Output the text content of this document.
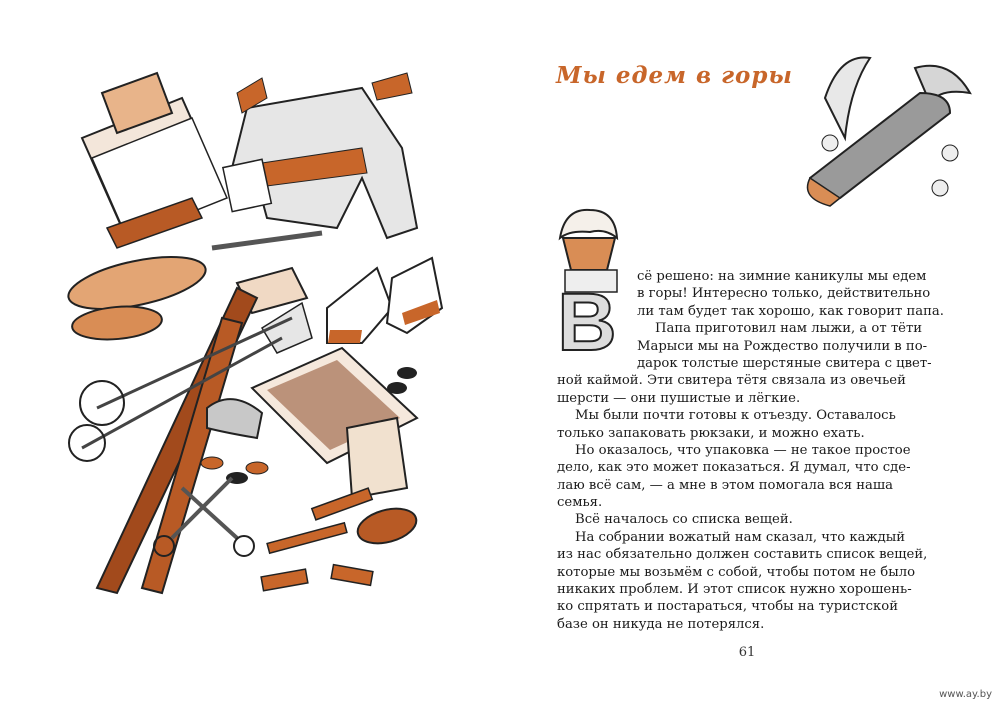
Мы едем в горы
В
сё решено: на зимние каникулы мы едем
в горы! Интересно только, действительно
ли там будет так хорошо, как говорит папа.
Папа приготовил нам лыжи, а от тёти
Марыси мы на Рождество получили в по-
дарок толстые шерстяные свитера с цвет-
ной каймой. Эти свитера тётя связала из овечьей
шерсти — они пушистые и лёгкие.
Мы были почти готовы к отъезду. Оставалось
только запаковать рюкзаки, и можно ехать.
Но оказалось, что упаковка — не такое простое
дело, как это может показаться. Я думал, что сде-
лаю всё сам, — а мне в этом помогала вся наша
семья.
Всё началось со списка вещей.
На собрании вожатый нам сказал, что каждый
из нас обязательно должен составить список вещей,
которые мы возьмём с собой, чтобы потом не было
никаких проблем. И этот список нужно хорошень-
ко спрятать и постараться, чтобы на туристской
базе он никуда не потерялся.
61
www.ay.by
